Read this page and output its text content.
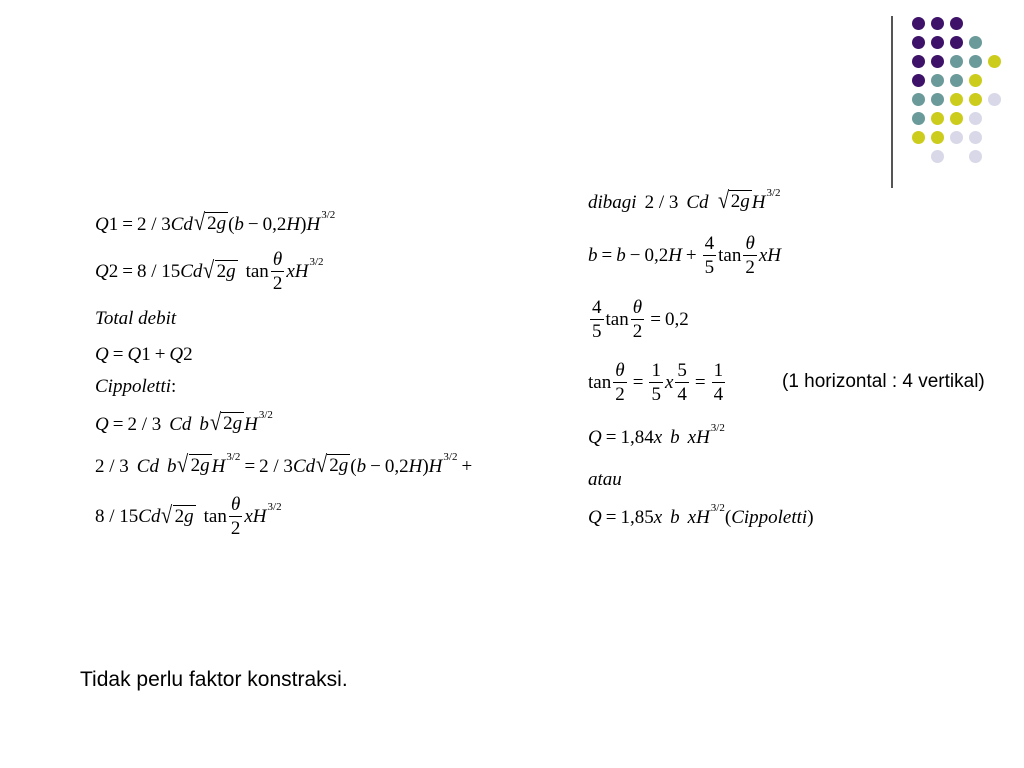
Q 1 = 2 / 3 Cd √ 2g ( b − 0,2 H ) H 3/2
Q 2 = 8 / 15 Cd √ 2g $\tan \frac{\theta}{2}$ xH 3/2
Total debit
Q = Q 1 + Q 2
Cippoletti :
Q = 2 / 3 Cd b √ 2g H 3/2
2 / 3 Cd b √ 2g H 3/2 = 2 / 3 Cd √ 2g ( b − 0,2 H ) H 3/2 +
8 / 15 Cd √ 2g $\tan \frac{\theta}{2}$ xH 3/2
dibagi 2 / 3 Cd √ 2g H 3/2
b = b − 0,2 $H + \frac{4}{5}$ $\tan \frac{\theta}{2}$ xH
$\frac{4}{5}$ $\tan \frac{\theta}{2} = 0,2$
$\tan \frac{\theta}{2} = \frac{1}{5}$ x $\frac{5}{4} = \frac{1}{4}$	(1 horizontal : 4 vertikal)
Q = 1,84 x b xH 3/2
atau
Q = 1,85 x b xH 3/2 ( Cippoletti )
Tidak perlu faktor konstraksi.
